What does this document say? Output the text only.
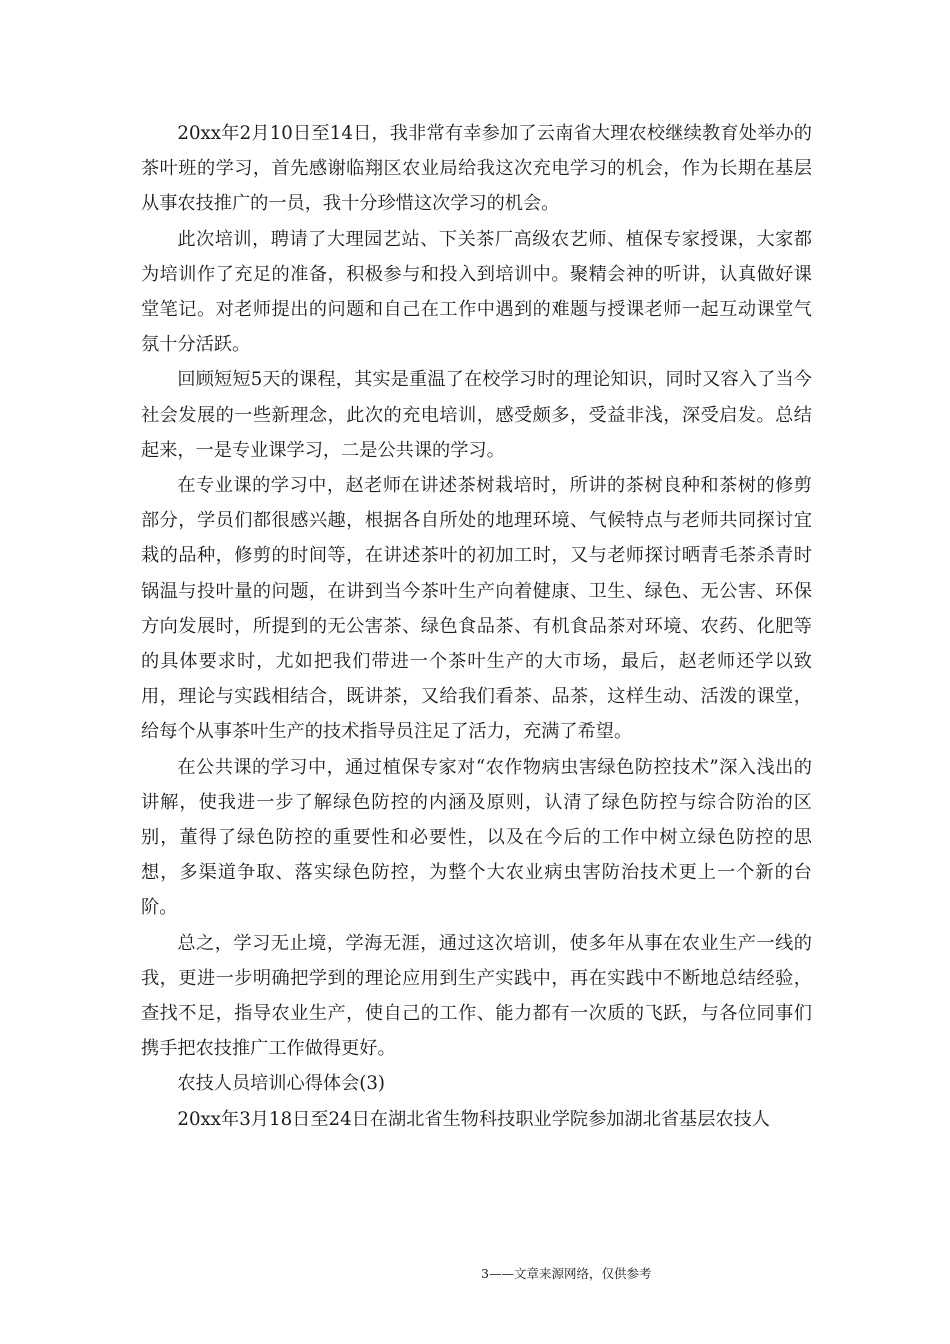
20xx年2月10日至14日，我非常有幸参加了云南省大理农校继续教育处举办的茶叶班的学习，首先感谢临翔区农业局给我这次充电学习的机会，作为长期在基层从事农技推广的一员，我十分珍惜这次学习的机会。

此次培训，聘请了大理园艺站、下关茶厂高级农艺师、植保专家授课，大家都为培训作了充足的准备，积极参与和投入到培训中。聚精会神的听讲，认真做好课堂笔记。对老师提出的问题和自己在工作中遇到的难题与授课老师一起互动课堂气氛十分活跃。

回顾短短5天的课程，其实是重温了在校学习时的理论知识，同时又容入了当今社会发展的一些新理念，此次的充电培训，感受颇多，受益非浅，深受启发。总结起来，一是专业课学习，二是公共课的学习。

在专业课的学习中，赵老师在讲述茶树栽培时，所讲的茶树良种和茶树的修剪部分，学员们都很感兴趣，根据各自所处的地理环境、气候特点与老师共同探讨宜栽的品种，修剪的时间等，在讲述茶叶的初加工时，又与老师探讨晒青毛茶杀青时锅温与投叶量的问题，在讲到当今茶叶生产向着健康、卫生、绿色、无公害、环保方向发展时，所提到的无公害茶、绿色食品茶、有机食品茶对环境、农药、化肥等的具体要求时，尤如把我们带进一个茶叶生产的大市场，最后，赵老师还学以致用，理论与实践相结合，既讲茶，又给我们看茶、品茶，这样生动、活泼的课堂，给每个从事茶叶生产的技术指导员注足了活力，充满了希望。

在公共课的学习中，通过植保专家对“农作物病虫害绿色防控技术”深入浅出的讲解，使我进一步了解绿色防控的内涵及原则，认清了绿色防控与综合防治的区别，董得了绿色防控的重要性和必要性，以及在今后的工作中树立绿色防控的思想，多渠道争取、落实绿色防控，为整个大农业病虫害防治技术更上一个新的台阶。

总之，学习无止境，学海无涯，通过这次培训，使多年从事在农业生产一线的我，更进一步明确把学到的理论应用到生产实践中，再在实践中不断地总结经验，查找不足，指导农业生产，使自己的工作、能力都有一次质的飞跃，与各位同事们携手把农技推广工作做得更好。

农技人员培训心得体会(3)

20xx年3月18日至24日在湖北省生物科技职业学院参加湖北省基层农技人

3——文章来源网络，仅供参考
